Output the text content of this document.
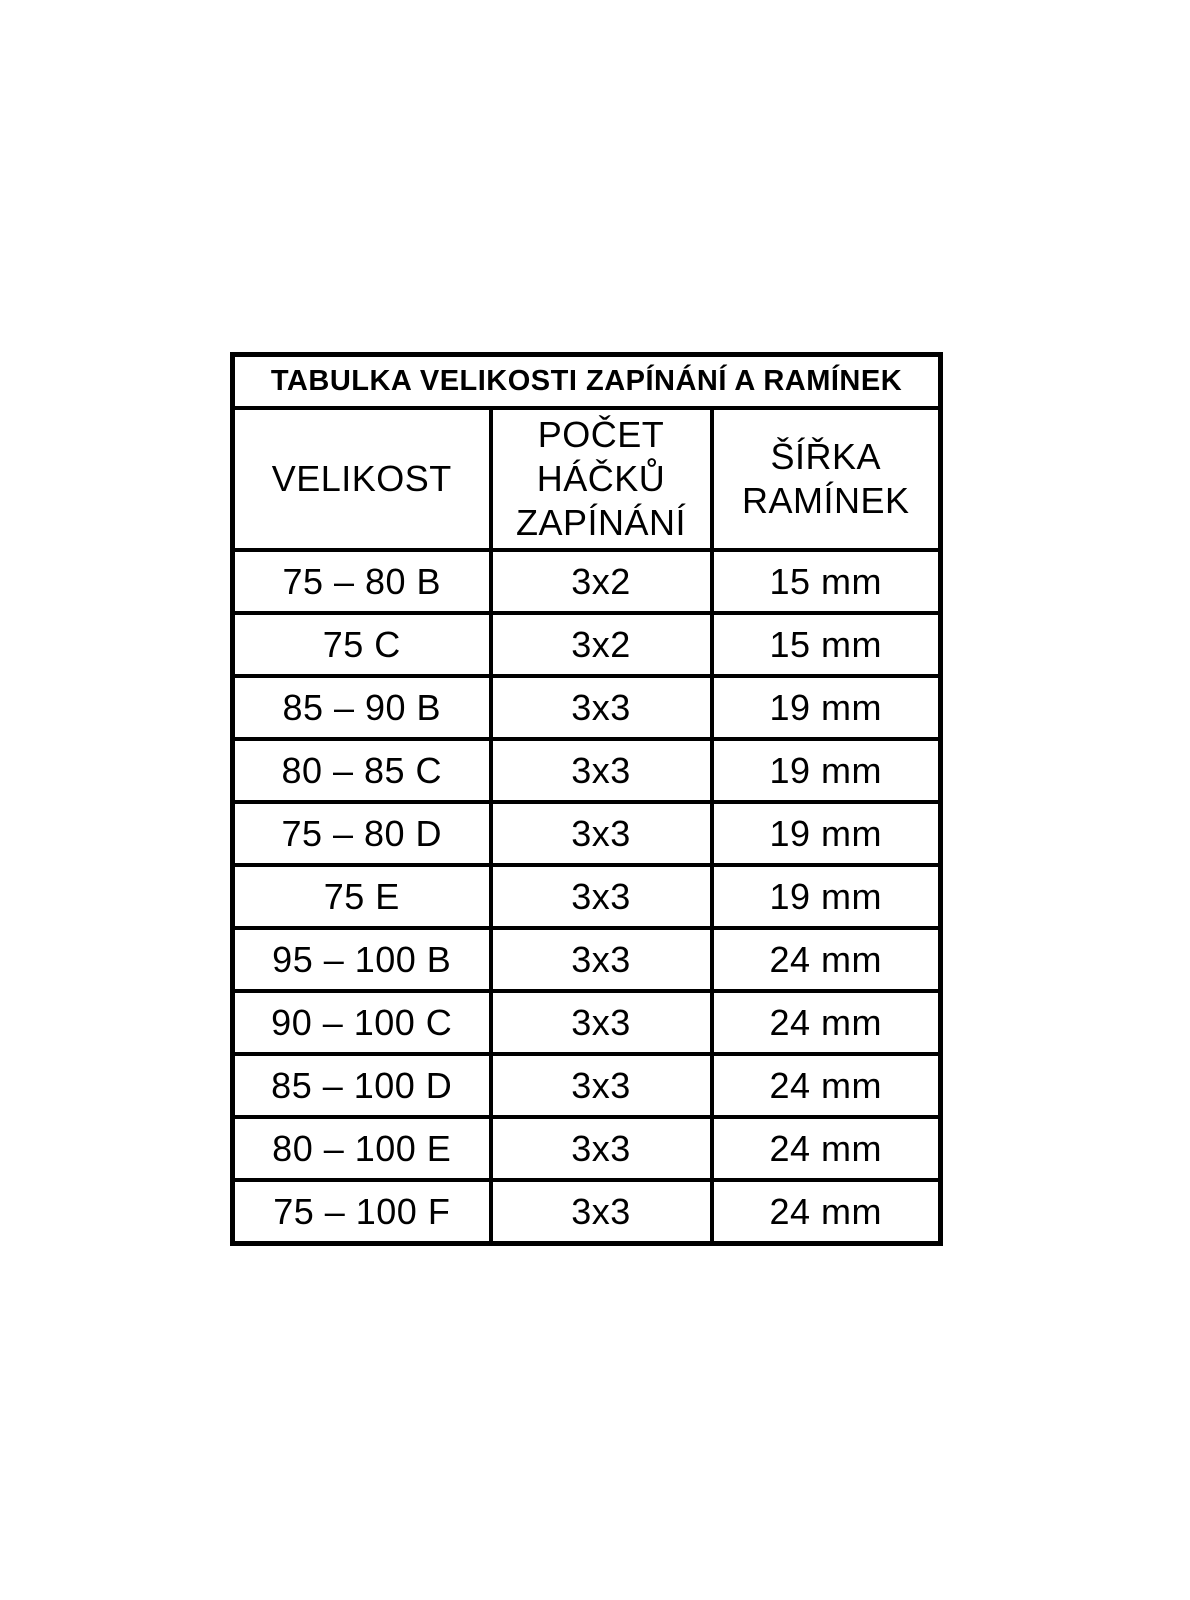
TABULKA VELIKOSTI ZAPÍNÁNÍ A RAMÍNEK		
VELIKOST	POČET HÁČKŮ ZAPÍNÁNÍ	ŠÍŘKA RAMÍNEK
75 – 80 B	3x2	15 mm
75 C	3x2	15 mm
85 – 90 B	3x3	19 mm
80 – 85 C	3x3	19 mm
75 – 80 D	3x3	19 mm
75 E	3x3	19 mm
95 – 100 B	3x3	24 mm
90 – 100 C	3x3	24 mm
85 – 100 D	3x3	24 mm
80 – 100 E	3x3	24 mm
75 – 100 F	3x3	24 mm
